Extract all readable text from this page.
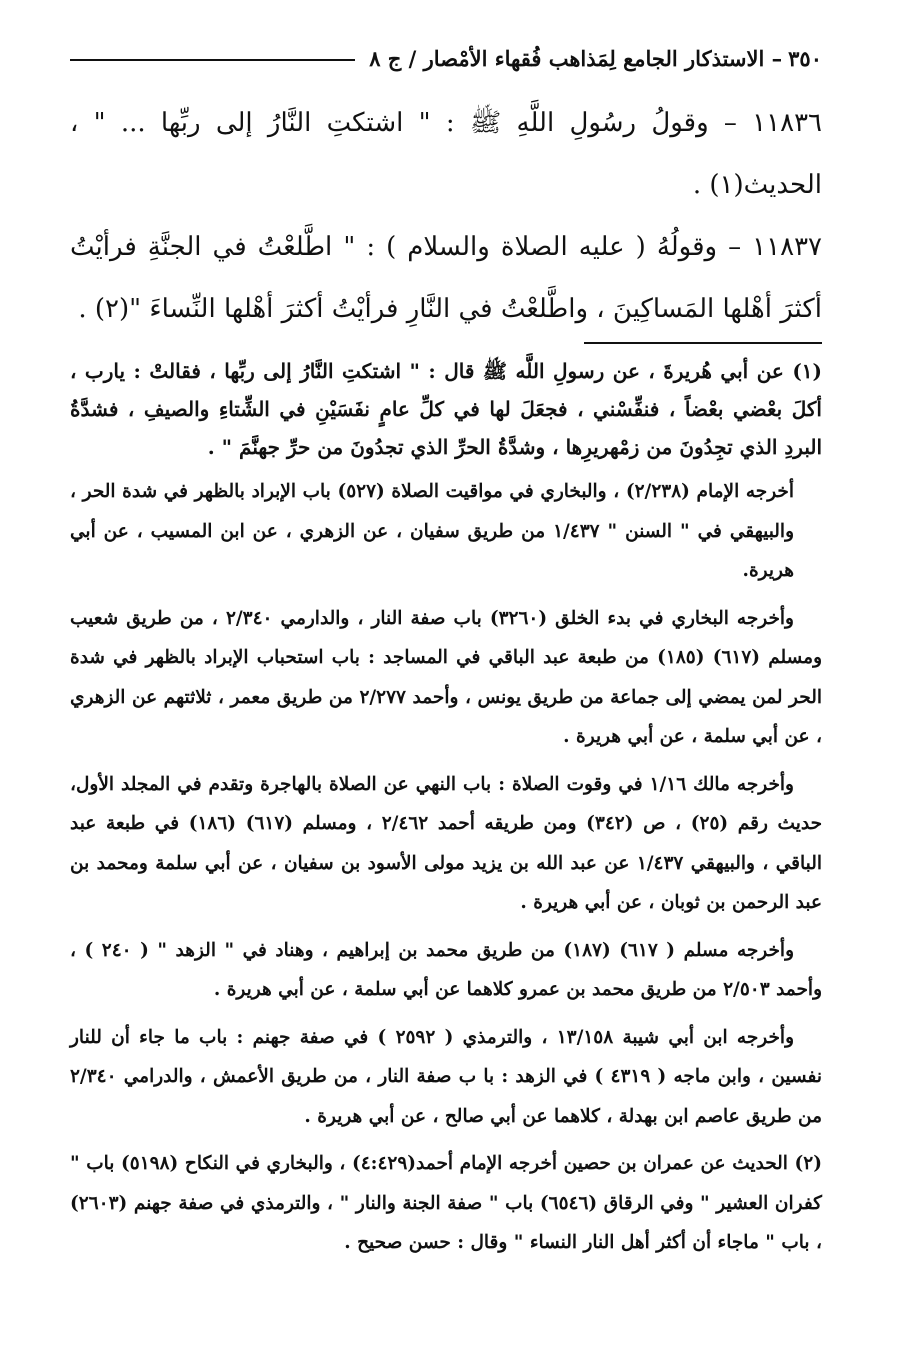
٣٥٠
– الاستذكار الجامع لِمَذاهب فُقهاء الأمْصار / ج ٨

١١٨٣٦ – وقولُ رسُولِ اللَّهِ ﷺ : " اشتكتِ النَّارُ إلى ربِّها ... " ، الحديث(١) .

١١٨٣٧ – وقولُهُ ( عليه الصلاة والسلام ) : " اطَّلعْتُ في الجنَّةِ فرأيْتُ أكثرَ أهْلها المَساكِينَ ، واطَّلعْتُ في النَّارِ فرأيْتُ أكثرَ أهْلها النِّساءَ "(٢) .

(١) عن أبي هُريرةَ ، عن رسولِ اللَّه ﷺ قال : " اشتكتِ النَّارُ إلى ربِّها ، فقالتْ : يارب ، أكلَ بعْضي بعْضاً ، فنفِّسْني ، فجعَلَ لها في كلِّ عامٍ نفَسَيْنِ في الشِّتاءِ والصيفِ ، فشدَّةُ البردِ الذي تجِدُونَ من زمْهريرِها ، وشدَّةُ الحرِّ الذي تجدُونَ من حرِّ جهنَّمَ " .

أخرجه الإمام (٢/٢٣٨) ، والبخاري في مواقيت الصلاة (٥٢٧) باب الإبراد بالظهر في شدة الحر ، والبيهقي في " السنن " ١/٤٣٧ من طريق سفيان ، عن الزهري ، عن ابن المسيب ، عن أبي هريرة.

وأخرجه البخاري في بدء الخلق (٣٢٦٠) باب صفة النار ، والدارمي ٢/٣٤٠ ، من طريق شعيب ومسلم (٦١٧) (١٨٥) من طبعة عبد الباقي في المساجد : باب استحباب الإبراد بالظهر في شدة الحر لمن يمضي إلى جماعة من طريق يونس ، وأحمد ٢/٢٧٧ من طريق معمر ، ثلاثتهم عن الزهري ، عن أبي سلمة ، عن أبي هريرة .

وأخرجه مالك ١/١٦ في وقوت الصلاة : باب النهي عن الصلاة بالهاجرة وتقدم في المجلد الأول، حديث رقم (٢٥) ، ص (٣٤٢) ومن طريقه أحمد ٢/٤٦٢ ، ومسلم (٦١٧) (١٨٦) في طبعة عبد الباقي ، والبيهقي ١/٤٣٧ عن عبد الله بن يزيد مولى الأسود بن سفيان ، عن أبي سلمة ومحمد بن عبد الرحمن بن ثوبان ، عن أبي هريرة .

وأخرجه مسلم ( ٦١٧) (١٨٧) من طريق محمد بن إبراهيم ، وهناد في " الزهد " ( ٢٤٠ ) ، وأحمد ٢/٥٠٣ من طريق محمد بن عمرو كلاهما عن أبي سلمة ، عن أبي هريرة .

وأخرجه ابن أبي شيبة ١٣/١٥٨ ، والترمذي ( ٢٥٩٢ ) في صفة جهنم : باب ما جاء أن للنار نفسين ، وابن ماجه ( ٤٣١٩ ) في الزهد : با ب صفة النار ، من طريق الأعمش ، والدرامي ٢/٣٤٠ من طريق عاصم ابن بهدلة ، كلاهما عن أبي صالح ، عن أبي هريرة .

(٢) الحديث عن عمران بن حصين أخرجه الإمام أحمد(٤:٤٢٩) ، والبخاري في النكاح (٥١٩٨) باب " كفران العشير " وفي الرقاق (٦٥٤٦) باب " صفة الجنة والنار " ، والترمذي في صفة جهنم (٢٦٠٣) ، باب " ماجاء أن أكثر أهل النار النساء " وقال : حسن صحيح .
